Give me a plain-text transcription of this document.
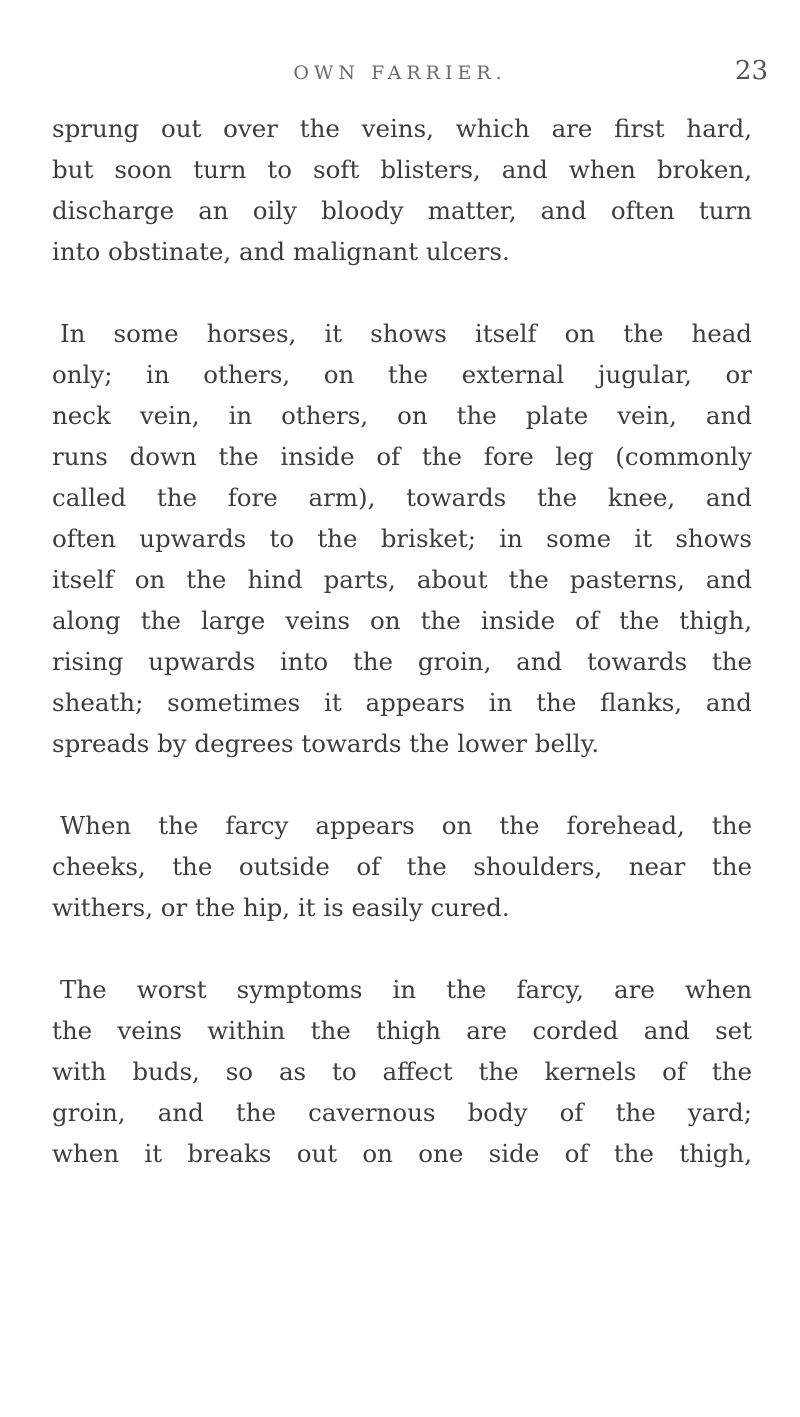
OWN FARRIER.	23
sprung out over the veins, which are first hard,
but soon turn to soft blisters, and when broken,
discharge an oily bloody matter, and often turn
into obstinate, and malignant ulcers.
In some horses, it shows itself on the head
only; in others, on the external jugular, or
neck vein, in others, on the plate vein, and
runs down the inside of the fore leg (commonly
called the fore arm), towards the knee, and
often upwards to the brisket; in some it shows
itself on the hind parts, about the pasterns, and
along the large veins on the inside of the thigh,
rising upwards into the groin, and towards the
sheath; sometimes it appears in the flanks, and
spreads by degrees towards the lower belly.
When the farcy appears on the forehead, the
cheeks, the outside of the shoulders, near the
withers, or the hip, it is easily cured.
The worst symptoms in the farcy, are when
the veins within the thigh are corded and set
with buds, so as to affect the kernels of the
groin, and the cavernous body of the yard;
when it breaks out on one side of the thigh,
